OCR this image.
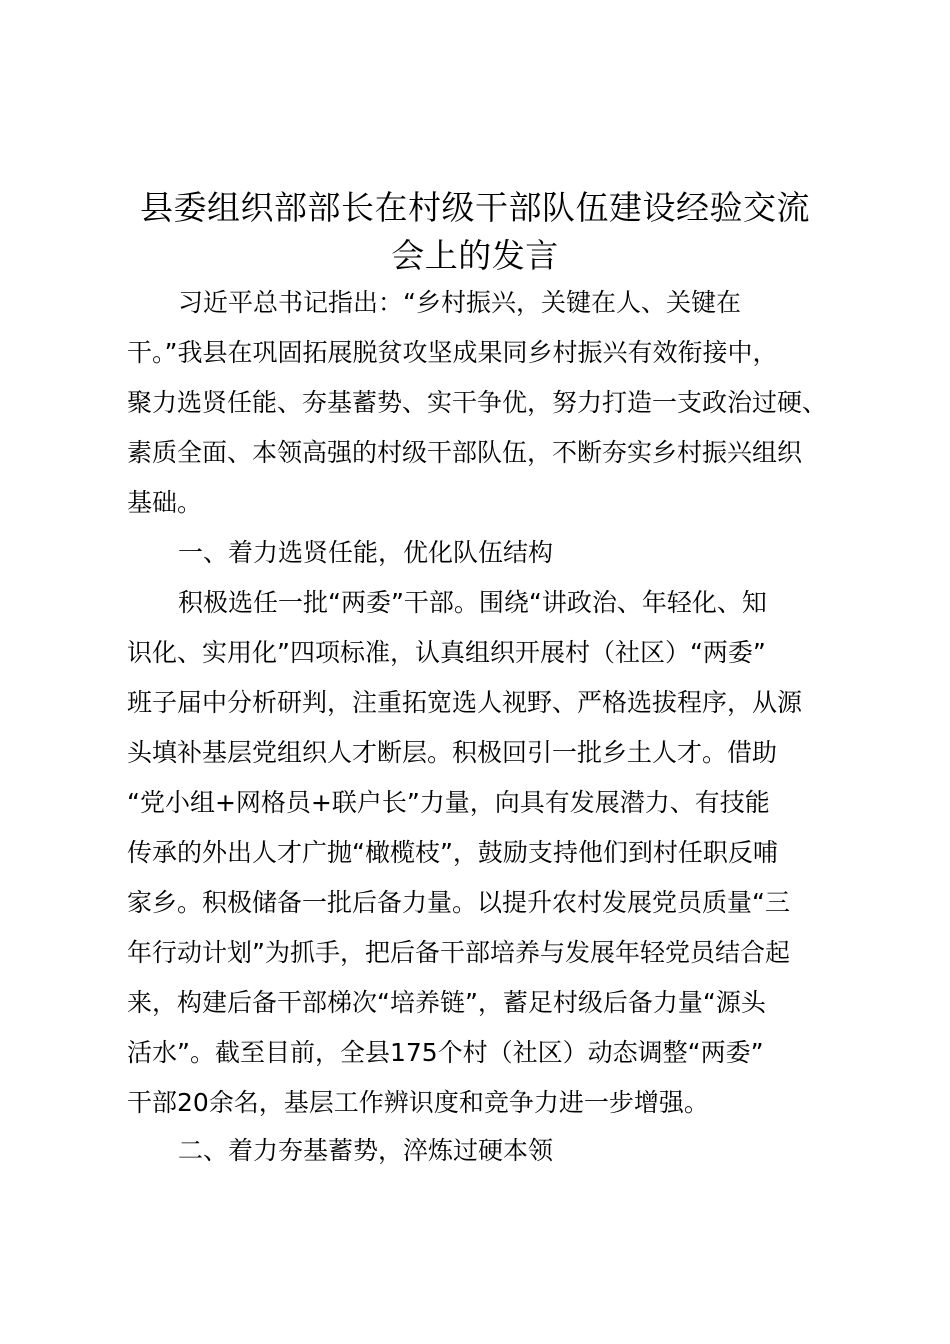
县委组织部部长在村级干部队伍建设经验交流
会上的发言

习近平总书记指出：“乡村振兴，关键在人、关键在

干。”我县在巩固拓展脱贫攻坚成果同乡村振兴有效衔接中，

聚力选贤任能、夯基蓄势、实干争优，努力打造一支政治过硬、

素质全面、本领高强的村级干部队伍，不断夯实乡村振兴组织

基础。

一、着力选贤任能，优化队伍结构

积极选任一批“两委”干部。围绕“讲政治、年轻化、知

识化、实用化”四项标准，认真组织开展村（社区）“两委”

班子届中分析研判，注重拓宽选人视野、严格选拔程序，从源

头填补基层党组织人才断层。积极回引一批乡土人才。借助

“党小组+网格员+联户长”力量，向具有发展潜力、有技能

传承的外出人才广抛“橄榄枝”，鼓励支持他们到村任职反哺

家乡。积极储备一批后备力量。以提升农村发展党员质量“三

年行动计划”为抓手，把后备干部培养与发展年轻党员结合起

来，构建后备干部梯次“培养链”，蓄足村级后备力量“源头

活水”。截至目前，全县175个村（社区）动态调整“两委”

干部20余名，基层工作辨识度和竞争力进一步增强。

二、着力夯基蓄势，淬炼过硬本领
